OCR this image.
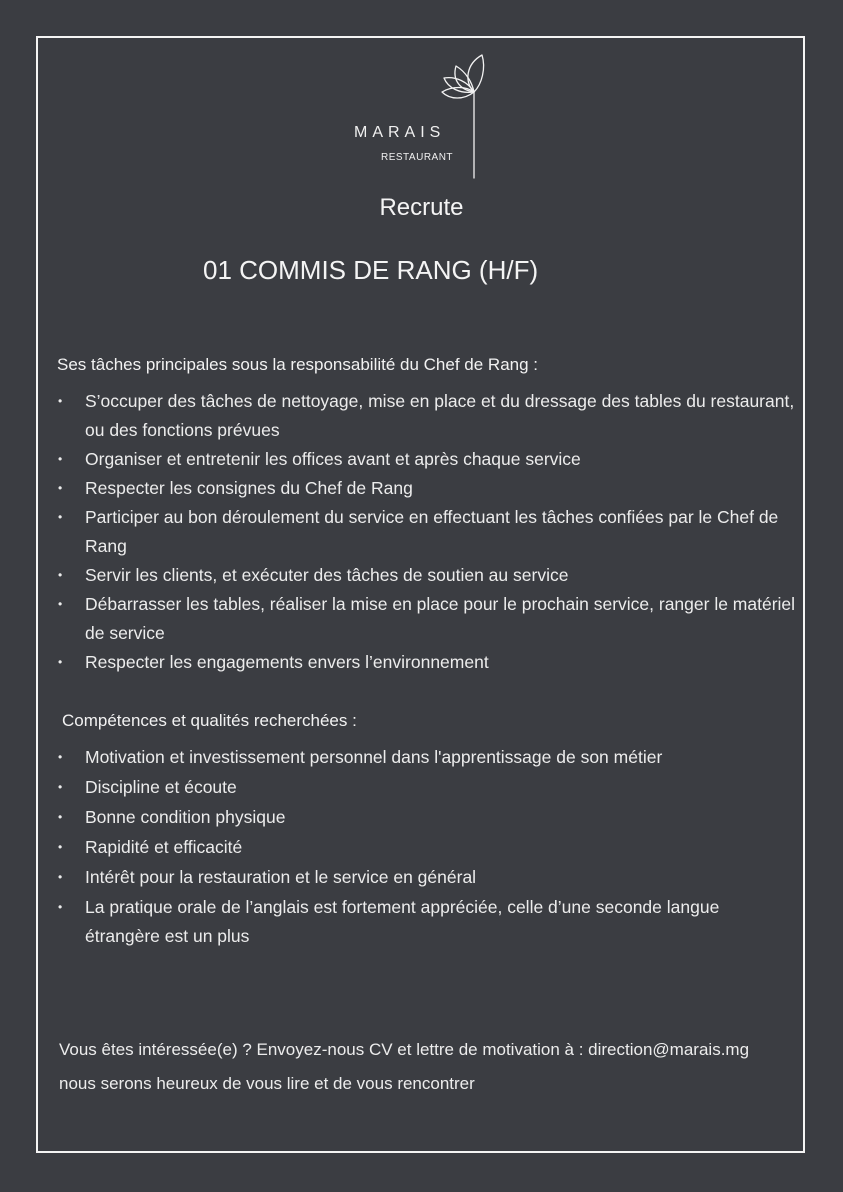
MARAIS
RESTAURANT
Recrute
01 COMMIS DE RANG (H/F)
Ses tâches principales sous la responsabilité du Chef de Rang :
• S’occuper des tâches de nettoyage, mise en place et du dressage des tables du restaurant, ou des fonctions prévues
• Organiser et entretenir les offices avant et après chaque service
• Respecter les consignes du Chef de Rang
• Participer au bon déroulement du service en effectuant les tâches confiées par le Chef de Rang
• Servir les clients, et exécuter des tâches de soutien au service
• Débarrasser les tables, réaliser la mise en place pour le prochain service, ranger le matériel de service
• Respecter les engagements envers l’environnement
Compétences et qualités recherchées :
• Motivation et investissement personnel dans l'apprentissage de son métier
• Discipline et écoute
• Bonne condition physique
• Rapidité et efficacité
• Intérêt pour la restauration et le service en général
• La pratique orale de l’anglais est fortement appréciée, celle d’une seconde langue étrangère est un plus
Vous êtes intéressée(e) ? Envoyez-nous CV et lettre de motivation à : direction@marais.mg
nous serons heureux de vous lire et de vous rencontrer
